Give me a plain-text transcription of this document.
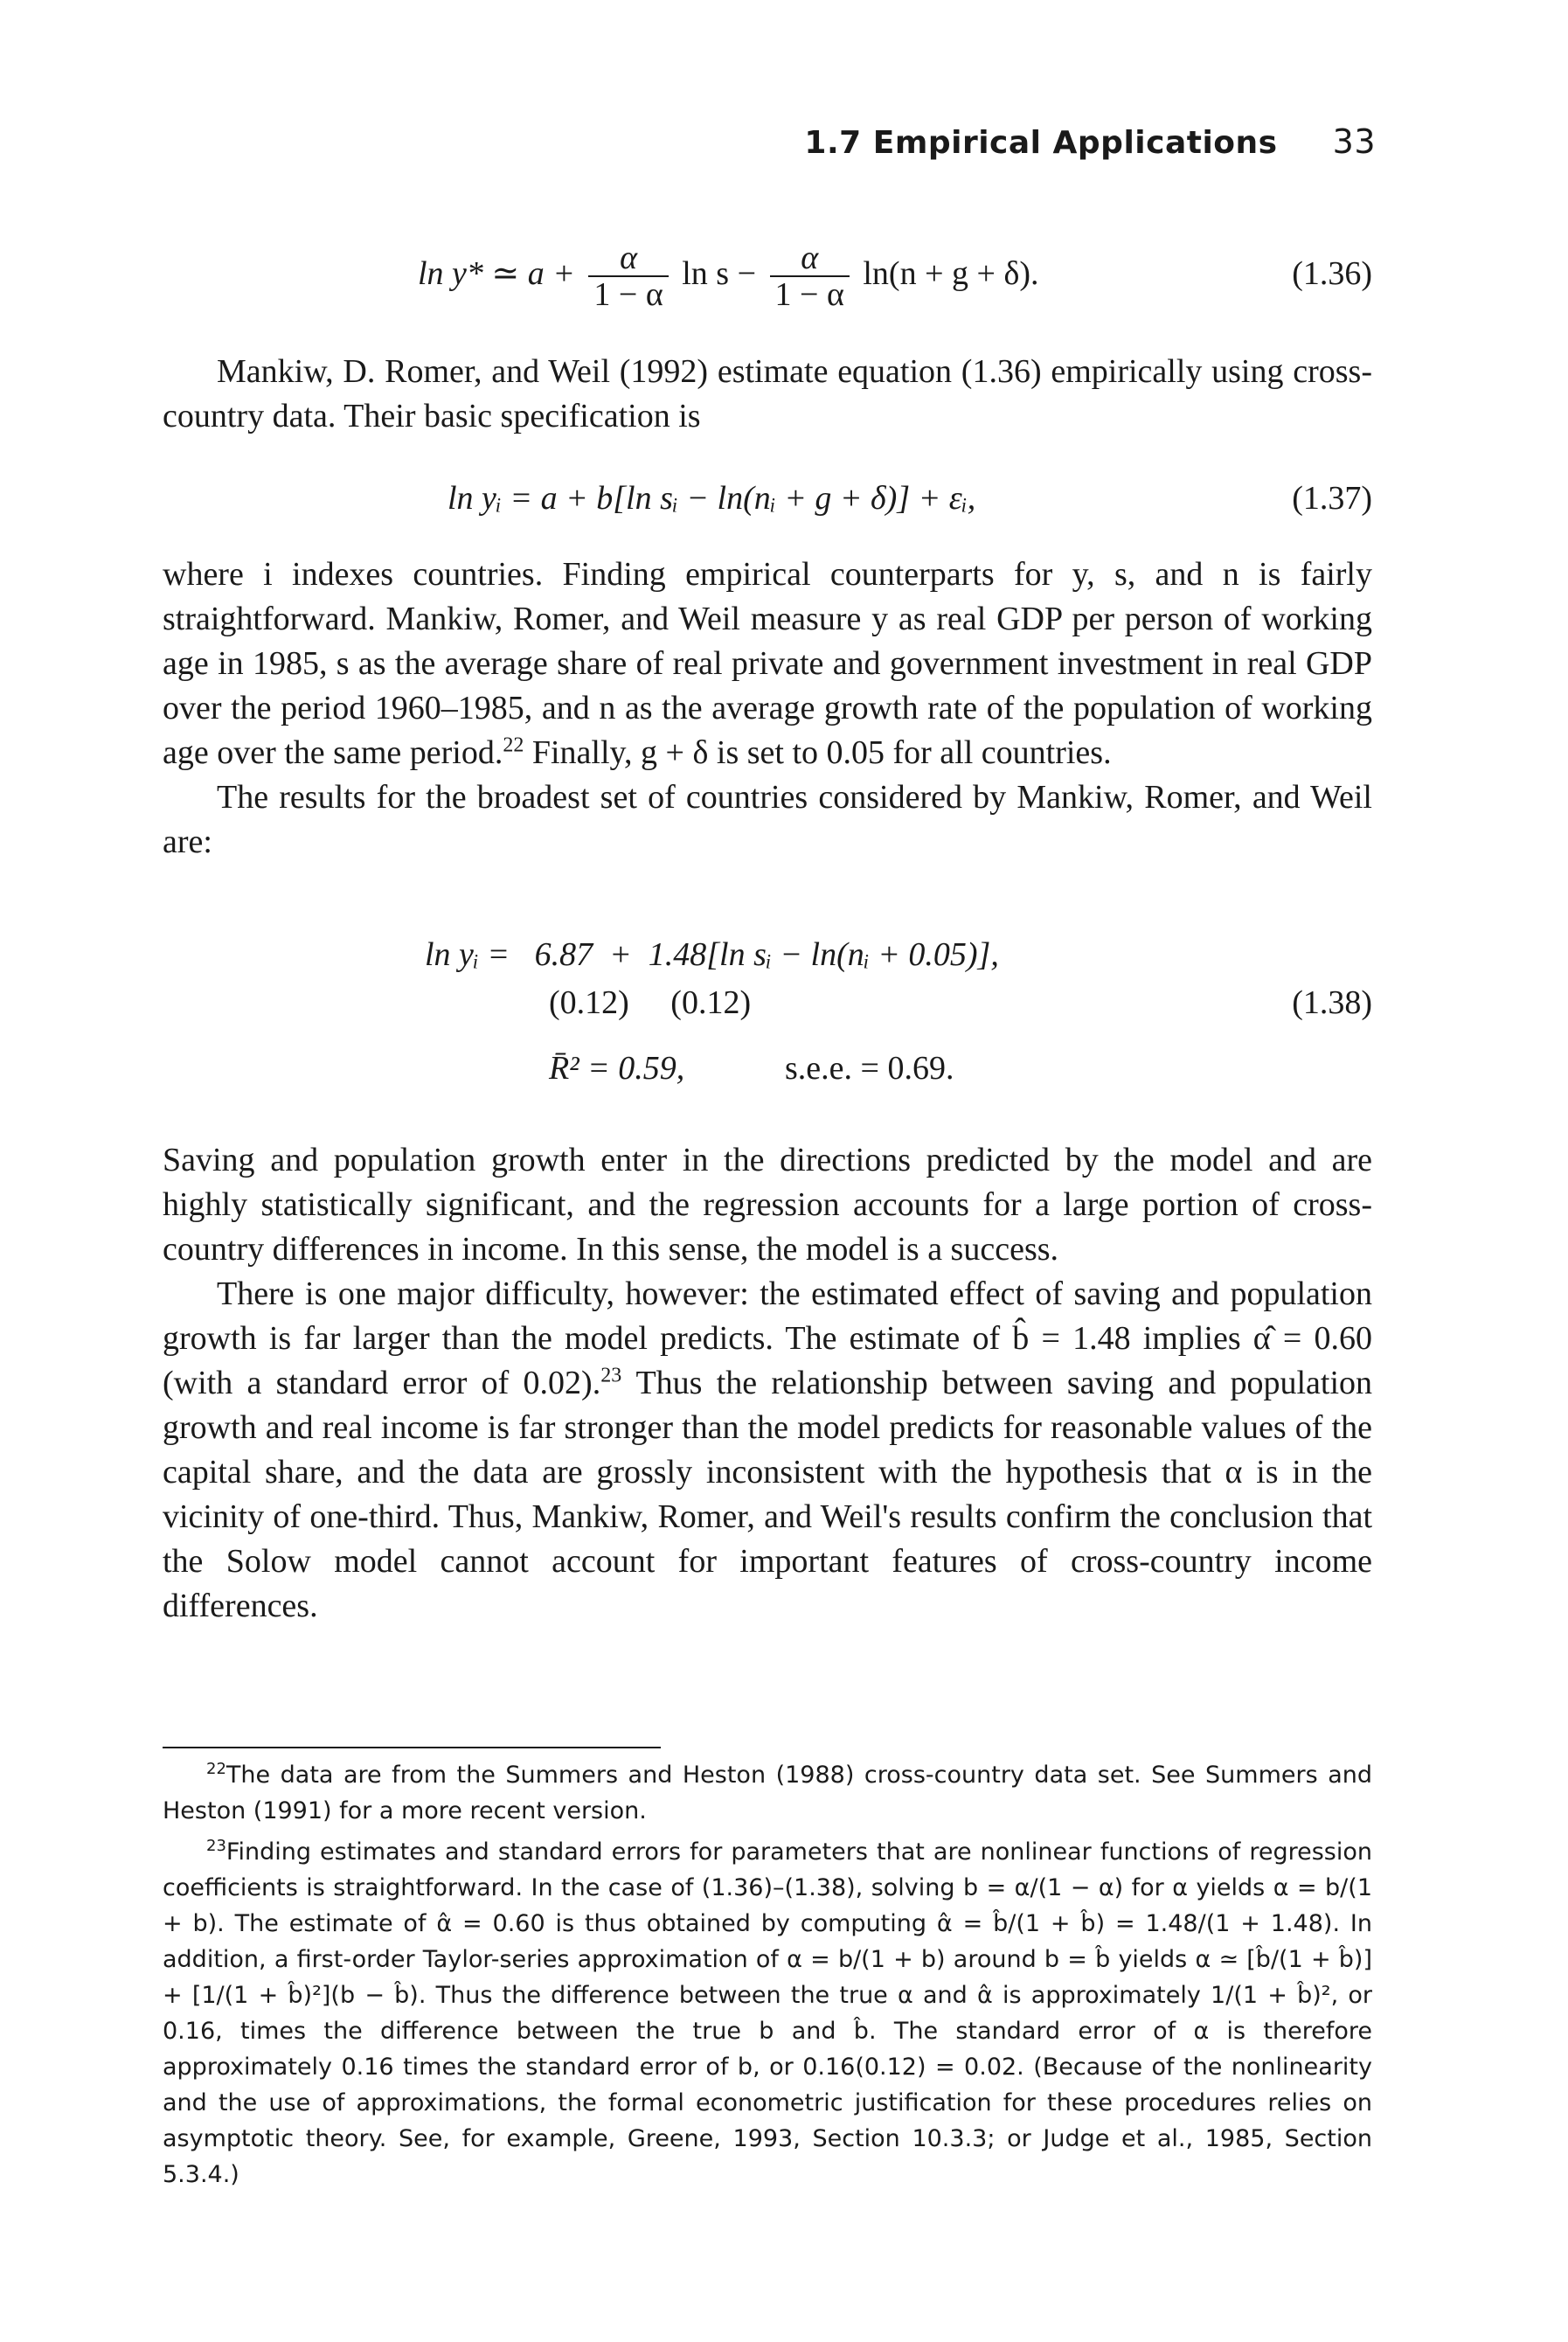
1.7 Empirical Applications 33
ln y* ≃ $a + \frac{\alpha}{1 - \alpha}$ $\ln s - \frac{\alpha}{1 - \alpha} \ln(n + g + \delta)$.	(1.36)

Mankiw, D. Romer, and Weil (1992) estimate equation (1.36) empirically using cross-country data. Their basic specification is

ln yᵢ = a + b[ln sᵢ − ln(nᵢ + g + δ)] + εᵢ,	(1.37)

where i indexes countries. Finding empirical counterparts for y, s, and n is fairly straightforward. Mankiw, Romer, and Weil measure y as real GDP per person of working age in 1985, s as the average share of real private and government investment in real GDP over the period 1960–1985, and n as the average growth rate of the population of working age over the same period.$^{22}$ Finally, g + δ is set to 0.05 for all countries.

The results for the broadest set of countries considered by Mankiw, Romer, and Weil are:

ln yᵢ =   6.87  +  1.48[ln sᵢ − ln(nᵢ + 0.05)],
(0.12)     (0.12)	(1.38)
R̄² = 0.59,	s.e.e. = 0.69.

Saving and population growth enter in the directions predicted by the model and are highly statistically significant, and the regression accounts for a large portion of cross-country differences in income. In this sense, the model is a success.

There is one major difficulty, however: the estimated effect of saving and population growth is far larger than the model predicts. The estimate of b̂ = 1.48 implies α̂ = 0.60 (with a standard error of 0.02).$^{23}$ Thus the relationship between saving and population growth and real income is far stronger than the model predicts for reasonable values of the capital share, and the data are grossly inconsistent with the hypothesis that α is in the vicinity of one-third. Thus, Mankiw, Romer, and Weil's results confirm the conclusion that the Solow model cannot account for important features of cross-country income differences.

$^{22}$The data are from the Summers and Heston (1988) cross-country data set. See Summers and Heston (1991) for a more recent version.

$^{23}$Finding estimates and standard errors for parameters that are nonlinear functions of regression coefficients is straightforward. In the case of (1.36)–(1.38), solving b = α/(1 − α) for α yields α = b/(1 + b). The estimate of α̂ = 0.60 is thus obtained by computing α̂ = b̂/(1 + b̂) = 1.48/(1 + 1.48). In addition, a first-order Taylor-series approximation of α = b/(1 + b) around b = b̂ yields α ≃ [b̂/(1 + b̂)] + [1/(1 + b̂)²](b − b̂). Thus the difference between the true α and α̂ is approximately 1/(1 + b̂)², or 0.16, times the difference between the true b and b̂. The standard error of α is therefore approximately 0.16 times the standard error of b, or 0.16(0.12) = 0.02. (Because of the nonlinearity and the use of approximations, the formal econometric justification for these procedures relies on asymptotic theory. See, for example, Greene, 1993, Section 10.3.3; or Judge et al., 1985, Section 5.3.4.)
